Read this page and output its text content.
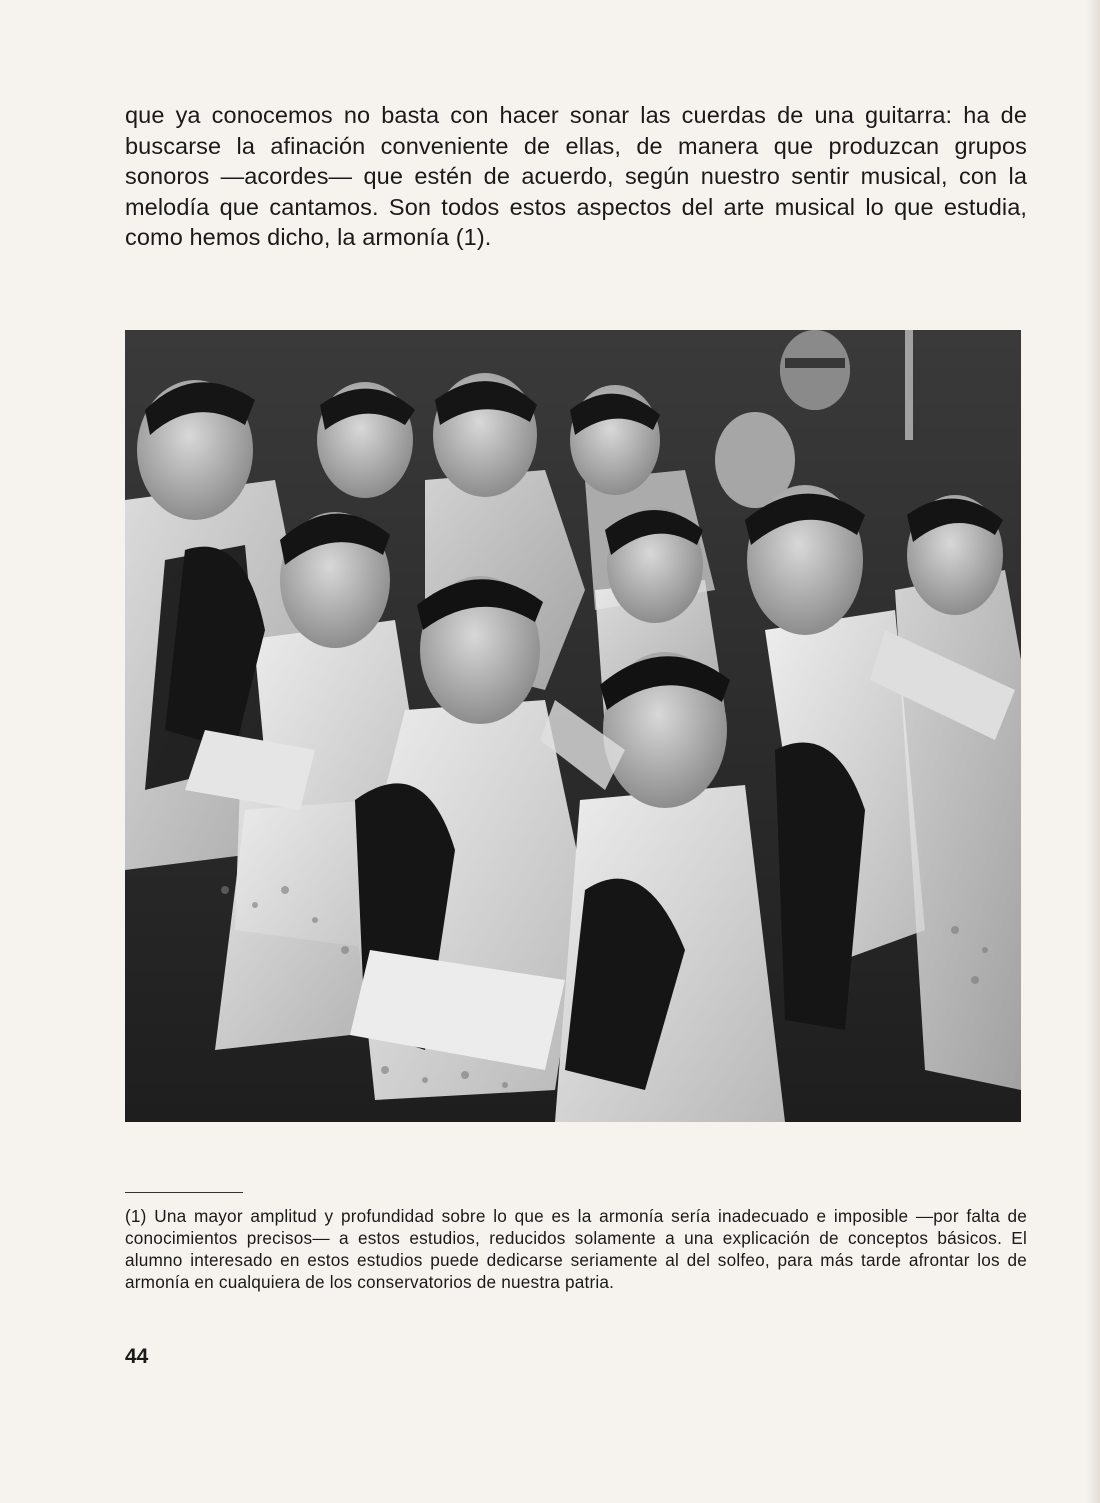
que ya conocemos no basta con hacer sonar las cuerdas de una guitarra: ha de buscarse la afinación conveniente de ellas, de manera que produzcan grupos sonoros —acordes— que estén de acuerdo, según nuestro sentir musical, con la melodía que cantamos. Son todos estos aspectos del arte musical lo que estudia, como hemos dicho, la armonía (1).

(1) Una mayor amplitud y profundidad sobre lo que es la armonía sería inadecuado e imposible —por falta de conocimientos precisos— a estos estudios, reducidos solamente a una explicación de conceptos básicos. El alumno interesado en estos estudios puede dedicarse seriamente al del solfeo, para más tarde afrontar los de armonía en cualquiera de los conservatorios de nuestra patria.

44
